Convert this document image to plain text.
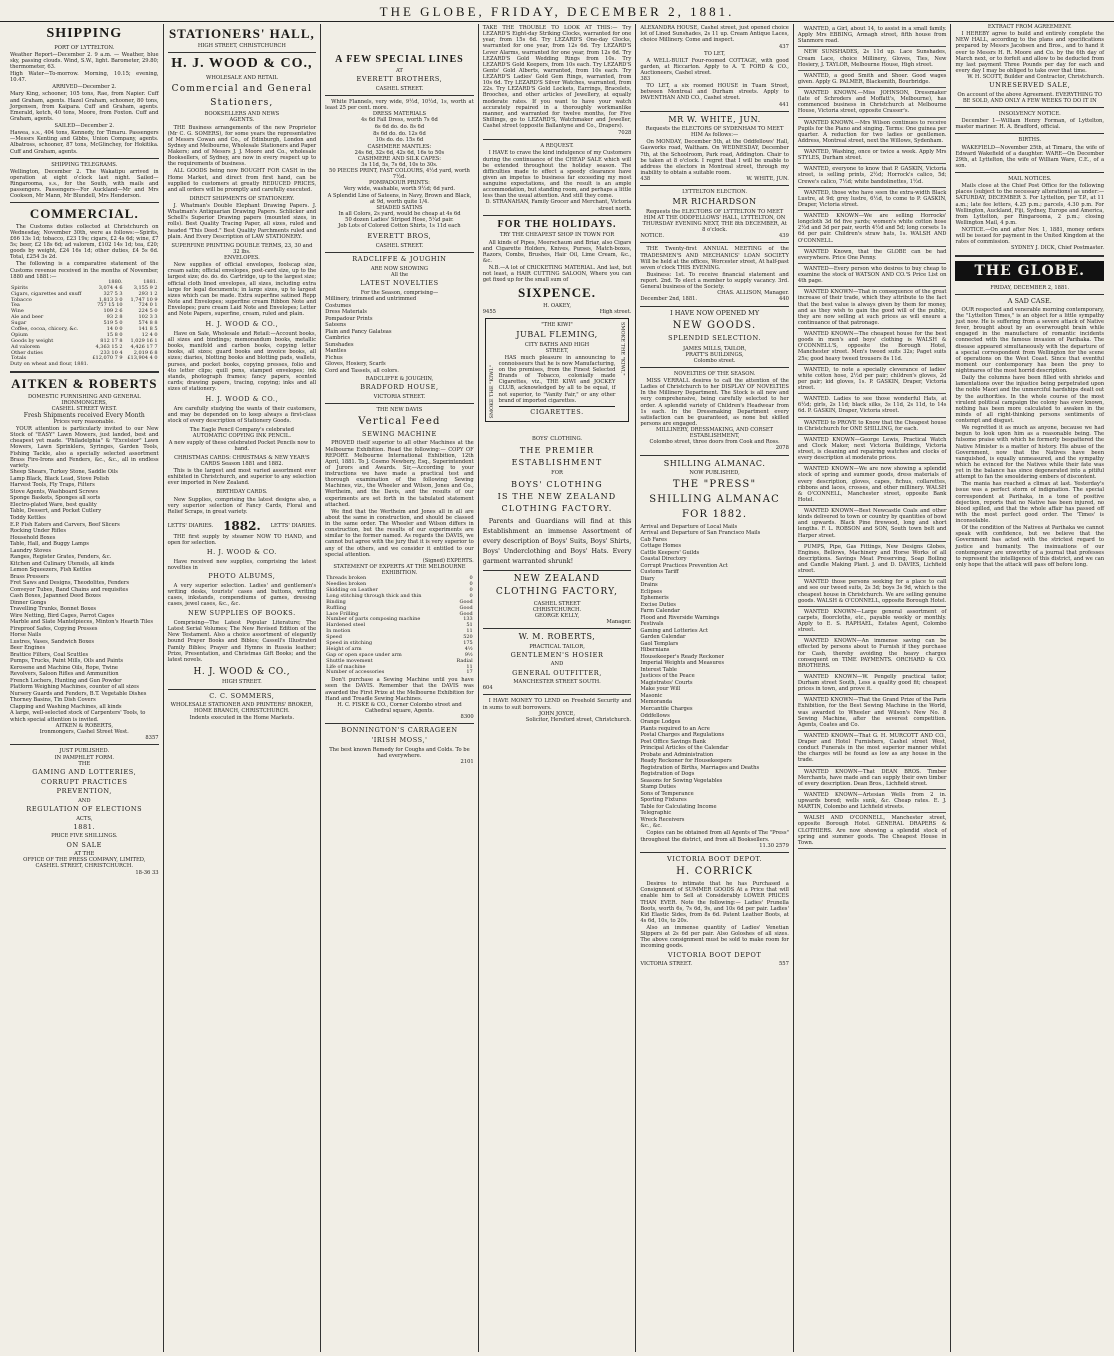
THE GLOBE, FRIDAY, DECEMBER 2, 1881.
SHIPPING
PORT OF LYTTELTON.
Weather Report—December 2. 9 a.m. — Weather, blue sky, passing clouds. Wind, S.W., light. Barometer, 29.80; thermometer, 63.
High Water—To-morrow. Morning, 10.15; evening, 10.47.
ARRIVED—December 2.
Mary King, schooner, 105 tons, Rae, from Napier. Cuff and Graham, agents. Hazel Graham, schooner, 80 tons, Jorgensen, from Kaipara. Cuff and Graham, agents. Emerald, ketch, 40 tons, Moore, from Foxton. Cuff and Graham, agents.
SAILED—December 2.
Hawea, s.s., 404 tons, Kennedy, for Timaru. Passengers—Messrs Kenting and Gibbs, Union Company, agents. Albatross, schooner, 87 tons, McGlinchey, for Hokitika. Cuff and Graham, agents.
SHIPPING TELEGRAMS.
Wellington, December 2. The Wakatipu arrived in operation at eight o'clock last night. Sailed—Ringarooma, s.s., for the South, with mails and passengers. Passengers—For Auckland—Mr and Mrs Cookson, Mr Mann, Mr Blundell, Mrs Henderson.
COMMERCIAL.
The Customs duties collected at Christchurch on Wednesday, November 30th, were as follows:—Spirits, £66 13s 1d; tobacco, £23 19s; cigars, £2 4s 6d; wine, £7 5s; beer, £2 18s 6d; ad valorem, £102 14s 1d; tea, £20; goods by weight, £24 16s 1d; other duties, £4 5s 6d. Total, £254 3s 2d.
The following is a comparative statement of the Customs revenue received in the months of November, 1880 and 1881:—
	1880.	1881.
Spirits	3,074 4 6	3,155 9 2
Cigars, cigarettes and snuff	327 5 3	293 1 2
Tobacco	1,813 3 0	1,747 10 9
Tea	757 15 10	724 0 1
Wine	109 2 6	224 5 0
Ale and beer	93 2 8	102 3 3
Sugar	519 5 0	574 8 8
Coffee, cocoa, chicory, &c.	14 0 0	141 8 5
Opium	15 8 0	12 4 0
Goods by weight	812 17 8	1,029 16 1
Ad valorem	4,363 15 2	4,426 17 7
Other duties	233 10 4	2,019 6 8
Totals	£12,070 7 9	£13,904 4 0
Duty on wheat and flour, 1881.
AITKEN & ROBERTS
DOMESTIC FURNISHING AND GENERAL IRONMONGERS,
CASHEL STREET WEST.
Fresh Shipments received Every Month
Prices very reasonable.
YOUR attention is particularly invited to our New Stock of "EASY" Lawn Mowers, just landed, best and cheapest yet made. "Philadelphia" & "Excelsior" Lawn Mowers, Lawn Sprinklers, Syringes, Garden Tools, Fishing Tackle, also a specially selected assortment Brass Fire-Irons and Fenders, &c., &c., all in endless variety.
Sheep Shears, Turkey Stone, Saddle Oils
Lamp Black, Black Lead, Stove Polish
Harvest Tools, Fly Traps, Filters
Stove Agents, Washboard Screws
Sponge Baskets, Sponges all sorts
Electro-plated Ware, best quality
Table, Dessert, and Pocket Cutlery
Toddy Kettles
E.P. Fish Eaters and Carvers, Beef Slicers
Rocking Under Rifles
Household Boxes
Table, Hall, and Buggy Lamps
Laundry Stoves
Ranges, Register Grates, Fenders, &c.
Kitchen and Culinary Utensils, all kinds
Lemon Squeezers, Fish Kettles
Brass Pressers
Fret Saws and Designs, Theodolites, Fenders
Conveyor Tubes, Band Chains and requisites
Cash Boxes, Japanned Deed Boxes
Dinner Gongs
Travelling Trunks, Bonnet Boxes
Wire Netting, Bird Cages, Parrot Cages
Marble and Slate Mantelpieces, Minton's Hearth Tiles
Fireproof Safes, Copying Presses
Horse Nails
Lustres, Vases, Sandwich Boxes
Beer Engines
Brattice Filters, Coal Scuttles
Pumps, Trucks, Paint Mills, Oils and Paints
Kerosene and Machine Oils, Rope, Twine
Revolvers, Saloon Rifles and Ammunition
French Lochers, Hunting and Gun Powder
Platform Weighing Machines, counter of all sizes
Nursery Guards and Fenders, B.T. Vegetable Dishes
Thorney Basins, Tin Dish Covers
Clapping and Washing Machines, all kinds
A large, well-selected stock of Carpenters' Tools, to which special attention is invited.
AITKEN & ROBERTS,
Ironmongers, Cashel Street West.
8357
JUST PUBLISHED.
IN PAMPHLET FORM.
THE
GAMING AND LOTTERIES,
CORRUPT PRACTICES
PREVENTION,
AND
REGULATION OF ELECTIONS
ACTS,
1881.
PRICE FIVE SHILLINGS.
ON SALE
AT THE
OFFICE OF THE PRESS COMPANY, LIMITED,
CASHEL STREET, CHRISTCHURCH.
18-36 33
STATIONERS' HALL,
HIGH STREET, CHRISTCHURCH
H. J. WOOD & CO.,
WHOLESALE AND RETAIL
Commercial and General
Stationers,
BOOKSELLERS AND NEWS
AGENTS.
THE Business arrangements of the new Proprietor (Mr C. G. SOMERS), for some years the representative of Messrs Cowan and Co., of Edinburgh, London and Sydney and Melbourne, Wholesale Stationers and Paper Makers; and of Messrs J. J. Moore and Co., wholesale Booksellers, of Sydney, are now in every respect up to the requirements of business.
ALL GOODS being now BOUGHT FOR CASH in the Home Market, and direct from first hand, can be supplied to customers at greatly REDUCED PRICES, and all orders will be promptly and carefully executed.
DIRECT SHIPMENTS OF STATIONERY.
J. Whatman's Double Elephant Drawing Papers. J. Whatman's Antiquarian Drawing Papers. Schlicker and Schell's Superior Drawing papers (mounted sizes, in rolls). Best Quality Tracing Paper, all sizes, ruled and headed "This Deed." Best Quality Parchments ruled and plain. And Every Description of LAW STATIONERY.
SUPERFINE PRINTING DOUBLE TERMS, 23, 30 and 32 lbs.
ENVELOPES.
New supplies of official envelopes, foolscap size, cream satin; official envelopes, post-card size, up to the largest size; do. do. do. Cartridge, up to the largest size; official cloth lined envelopes, all sizes, including extra large for legal documents; in large sizes, up to largest sizes which can be made. Extra superfine satined Repp Note and Envelopes; superfine cream Ribbon Note and Envelopes; pure cream Laid Note and Envelopes; Letter and Note Papers, superfine, cream, ruled and plain.
H. J. WOOD & CO.,
Have on Sale, Wholesale and Retail:—Account books, all sizes and bindings; memorandum books, metallic books, manifold and carbon books, copying letter books, all sizes; guard books and invoice books, all sizes; diaries, blotting books and blotting pads, wallets, purses, and pocket books, copying presses, folio and 4to letter clips; quill pens, stamped envelopes; ink stands, photograph frames; fancy papers, scented cards; drawing papers, tracing, copying; inks and all sizes of stationery.
H. J. WOOD & CO.,
Are carefully studying the wants of their customers, and may be depended on to keep always a first-class stock of every description of Stationery Goods.
The Eagle Pencil Company's celebrated
AUTOMATIC COPYING INK PENCIL.
A new supply of these celebrated Pocket Pencils now to hand.
CHRISTMAS CARDS: CHRISTMAS & NEW YEAR'S CARDS Season 1881 and 1882.
This is the largest and most varied assortment ever exhibited in Christchurch, and superior to any selection ever imported in New Zealand.
BIRTHDAY CARDS.
New Supplies, comprising the latest designs also, a very superior selection of Fancy Cards, Floral and Relief Scraps, in great variety.
LETTS' DIARIES. 1882. LETTS' DIARIES.
THE first supply by steamer NOW TO HAND, and open for selection.
H. J. WOOD & CO.
Have received new supplies, comprising the latest novelties in
PHOTO ALBUMS,
A very superior selection. Ladies' and gentlemen's writing desks, tourists' cases and buttons, writing cases, inkstands, compendiums of games, dressing cases, jewel cases, &c., &c.
NEW SUPPLIES OF BOOKS.
Comprising—The Latest Popular Literature; The Latest Serial Volumes; The New Revised Edition of the New Testament. Also a choice assortment of elegantly bound Prayer Books and Bibles; Cassell's Illustrated Family Bibles; Prayer and Hymns in Russia leather; Prize, Presentation, and Christmas Gift Books; and the latest novels.
H. J. WOOD & CO.,
HIGH STREET.
C. C. SOMMERS,
WHOLESALE STATIONER AND PRINTERS' BROKER,
HOME BRANCH, CHRISTCHURCH.
Indents executed in the Home Markets.
A FEW SPECIAL LINES
AT
EVERETT BROTHERS,
CASHEL STREET.
White Flannels, very wide, 9½d, 10½d, 1s, worth at least 25 per cent. more.
DRESS MATERIALS
4s 6d Fall Dress, worth 7s 6d
6s 6d do. do. 8s 6d
8s 6d do. do. 12s 6d
10s do. do. 15s 6d
CASHMERE MANTLES:
24s 6d, 32s 6d, 42s 6d, 16s to 50s
CASHMERE AND SILK CAPES:
3s 11d, 5s, 7s 6d, 10s to 30s.
50 PIECES PRINT, FAST COLOURS, 4½d yard, worth 7½d.
POMPADOUR PRINTS:
Very wide, washable, worth 9½d; 6d yard.
A Splendid Line of Sateens, in Navy, Brown and Black, at 9d, worth quite 1/4.
SHADED SATINS
In all Colors, 2s yard, would be cheap at 4s 6d
50 dozen Ladies' Striped Hose, 5¼d pair.
Job Lots of Colored Cotton Shirts, 1s 11d each
EVERETT BROS,
CASHEL STREET.
RADCLIFFE & JOUGHIN
ARE NOW SHOWING
All the
LATEST NOVELTIES
For the Season, comprising—
Millinery, trimmed and untrimmed
Costumes
Dress Materials
Pompadour Prints
Sateens
Plain and Fancy Galateas
Cambrics
Sunshades
Mantles
Fichus
Gloves, Hosiery, Scarfs
Cord and Tassels, all colors.
RADCLIFFE & JOUGHIN,
BRADFORD HOUSE,
VICTORIA STREET.
THE NEW DAVIS
Vertical Feed
SEWING MACHINE
PROVED itself superior to all other Machines at the Melbourne Exhibition. Read the following:— COPY OF REPORT. Melbourne International Exhibition, 12th April, 1881. To J. Cosmo Newbery, Esq., Superintendent of Jurors and Awards. Sir,—According to your instructions we have made a practical test and thorough examination of the following Sewing Machines, viz., the Wheeler and Wilson, Jones and Co., Wertheim, and the Davis, and the results of our experiments are set forth in the tabulated statement attached.
We find that the Wertheim and Jones all in all are about the same in construction, and should be classed in the same order. The Wheeler and Wilson differs in construction, but the results of our experiments are similar to the former named. As regards the DAVIS, we cannot but agree with the jury that it is very superior to any of the others, and we consider it entitled to our special attention.
(Signed) EXPERTS.
STATEMENT OF EXPERTS AT THE MELBOURNE EXHIBITION.
Threads broken	0
Needles broken	0
Skidding on Leather	0
Long stitching through thick and thin	0
Binding	Good
Ruffling	Good
Lace Frilling	Good
Number of parts composing machine	133
Hardened steel	51
In motion	11
Speed	520
Speed in stitching	175
Height of arm	4½
Gap or open space under arm	9½
Shuttle movement	Radial
Life of machine	11
Number of accessories	17
Don't purchase a Sewing Machine until you have seen the DAVIS. Remember that the DAVIS was awarded the First Prize at the Melbourne Exhibition for Hand and Treadle Sewing Machines.
H. C. FISKE & CO., Corner Colombo street and Cathedral square, Agents.
8300
BONNINGTON'S CARRAGEEN
'IRISH MOSS,'
The best known Remedy for Coughs and Colds. To be had everywhere.
2101
TAKE THE TROUBLE TO LOOK AT THIS:— Try LEZARD'S Eight-day Striking Clocks, warranted for one year, from 15s 6d. Try LEZARD'S One-day Clocks, warranted for one year, from 12s 6d. Try LEZARD'S Lever Alarms, warranted for one year, from 12s 6d. Try LEZARD'S Gold Wedding Rings from 10s. Try LEZARD'S Gold Keepers, from 10s each. Try LEZARD'S Gents' Gold Alberts, warranted, from 10s each. Try LEZARD'S Ladies' Gold Gem Rings, warranted, from 10s 6d. Try LEZARD'S Silver Watches, warranted, from 22s. Try LEZARD'S Gold Lockets, Earrings, Bracelets, Brooches, and other articles of Jewellery, at equally moderate rates. If you want to have your watch accurately repaired in a thoroughly workmanlike manner, and warranted for twelve months, for Five Shillings, go to LEZARD'S, Watchmaker and Jeweller, Cashel street (opposite Ballantyne and Co., Drapers).
7028
A REQUEST.
I HAVE to crave the kind indulgence of my Customers during the continuance of the CHEAP SALE which will be extended throughout the holiday season. The difficulties made to effect a speedy clearance have given an impetus to business far exceeding my most sanguine expectations, and the result is an ample accommodation, but standing room, and perhaps a little less than the usual attention. And still they come.
D. STRANAHAN, Family Grocer and Merchant, Victoria street north.
FOR THE HOLIDAYS.
TRY THE CHEAPEST SHOP IN TOWN FOR
All kinds of Pipes, Meerschaum and Briar, also Cigars and Cigarette Holders, Knives, Purses, Match-boxes, Razors, Combs, Brushes, Hair Oil, Lime Cream, &c., &c.
N.B.—A lot of CRICKETING MATERIAL. And last, but not least, a HAIR CUTTING SALOON, Where you can get fixed up for the small sum of
SIXPENCE.
H. OAKEY,
9455	High street.
SMOKE THE "KIWI."
"THE KIWI"
JUBAL FLEMING,
CITY BATHS AND HIGH
STREET,
HAS much pleasure in announcing to connoisseurs that he is now Manufacturing, on the premises, from the Finest Selected Brands of Tobacco, colonially made Cigarettes, viz., THE KIWI and JOCKEY CLUB, acknowledged by all to be equal, if not superior, to "Vanity Fair," or any other brand of imported cigarettes.
CIGARETTES.
SMOKE THE "KIWI."
BOYS' CLOTHING.
THE PREMIER
ESTABLISHMENT
FOR
BOYS' CLOTHING
IS THE NEW ZEALAND
CLOTHING FACTORY.
Parents and Guardians will find at this Establishment an immense Assortment of every description of Boys' Suits, Boys' Shirts, Boys' Underclothing and Boys' Hats. Every garment warranted shrunk!
NEW ZEALAND
CLOTHING FACTORY,
CASHEL STREET
CHRISTCHURCH.
GEORGE KELLY,
Manager.
W. M. ROBERTS,
PRACTICAL TAILOR,
GENTLEMEN'S HOSIER
AND
GENERAL OUTFITTER,
MANCHESTER STREET SOUTH.
604
I HAVE MONEY TO LEND on Freehold Security and in sums to suit borrowers.
JOHN JOYCE,
Solicitor, Hereford street, Christchurch.
ALEXANDRA HOUSE, Cashel street, just opened choice lot of Lined Sunshades, 2s 11 up. Cream Antique Laces, choice Millinery. Come and inspect.
437
TO LET,
A WELL-BUILT Four-roomed COTTAGE, with good garden, at Riccarton. Apply to A. T. FORD & CO., Auctioneers, Cashel street.
383
TO LET, a six roomed HOUSE in Tuam Street, between Montreal and Durham streets. Apply to PAVENTHAN AND CO., Cashel street.
441
MR W. WHITE, JUN.
Requests the ELECTORS OF SYDENHAM TO MEET HIM As follows:—
On MONDAY, December 5th, at the Oddfellows' Hall, Gasworks road, Waltham. On WEDNESDAY, December 7th, at the Schoolroom, Park road, Addington. Chair to be taken at 8 o'clock. I regret that I will be unable to address the electors in Montreal street, through my inability to obtain a suitable room.
438	W. WHITE, JUN.
LYTTELTON ELECTION.
MR RICHARDSON
Requests the ELECTORS OF LYTTELTON TO MEET HIM AT THE ODDFELLOWS' HALL, LYTTELTON, ON THURSDAY EVENING NEXT, THE 8th DECEMBER, At 8 o'clock.
NOTICE.	439
THE Twenty-first ANNUAL MEETING of the TRADESMEN'S AND MECHANICS' LOAN SOCIETY Will be held at the offices, Worcester street, At half-past seven o'clock THIS EVENING.
Business: 1st. To receive financial statement and report. 2nd. To elect a member to supply vacancy. 3rd. General business of the Society.
CHAS. ALLISON, Manager.
December 2nd, 1881.	440
I HAVE NOW OPENED MY
NEW GOODS.
SPLENDID SELECTION.
JAMES MILLS, TAILOR,
PRATT'S BUILDINGS,
Colombo street.
NOVELTIES OF THE SEASON.
MISS VERRALL desires to call the attention of the Ladies of Christchurch to her DISPLAY OF NOVELTIES In the Millinery Department. The Stock is all new and very comprehensive, being carefully selected to her order. A splendid variety of Children's Headwear from 1s each. In the Dressmaking Department every satisfaction can be guaranteed, as none but skilled persons are engaged.
MILLINERY, DRESSMAKING, AND CORSET ESTABLISHMENT,
Colombo street, three doors from Cook and Ross.
2078
SHILLING ALMANAC.
NOW PUBLISHED,
THE "PRESS"
SHILLING ALMANAC
FOR 1882.
Arrival and Departure of Local Mails
Arrival and Departure of San Francisco Mails
Cab Fares
Cottage Homes
Cattle Keepers' Guilds
Coastal Directory
Corrupt Practices Prevention Act
Customs Tariff
Diary
Drains
Eclipses
Ephemeris
Excise Duties
Farm Calendar
Flood and Riverside Warnings
Festivals
Gaming and Lotteries Act
Garden Calendar
Gaol Templars
Hibernians
Housekeeper's Ready Reckoner
Imperial Weights and Measures
Interest Table
Justices of the Peace
Magistrates' Courts
Make your Will
Masonic
Memoranda
Mercantile Charges
Oddfellows
Orange Lodges
Plants required to an Acre
Postal Charges and Regulations
Post Office Savings Bank
Principal Articles of the Calendar
Probate and Administration
Ready Reckoner for Housekeepers
Registration of Births, Marriages and Deaths
Registration of Dogs
Seasons for Sowing Vegetables
Stamp Duties
Sons of Temperance
Sporting Fixtures
Table for Calculating Income
Telegraphic
Wreck Receivers
&c., &c.
Copies can be obtained from all Agents of The "Press" throughout the district, and from all Booksellers.
11.30 2579
VICTORIA BOOT DEPOT.
H. CORRICK
Desires to intimate that he has Purchased a Consignment of SUMMER GOODS At a Price that will enable him to Sell at Considerably LOWER PRICES THAN EVER. Note the following:— Ladies' Prunella Boots, worth 6s, 7s 6d, 9s, and 10s 6d per pair. Ladies' Kid Elastic Sides, from 8s 6d. Patent Leather Boots, at 4s 6d, 10s, to 20s.
Also an immense quantity of Ladies' Venetian Slippers at 2s 6d per pair. Also Goloshes of all sizes. The above consignment must be sold to make room for incoming goods.
VICTORIA BOOT DEPOT
VICTORIA STREET.	557
WANTED, a Girl, about 14, to assist in a small family. Apply Mrs EBBING, Armagh street, fifth house from Stanmore road.
NEW SUNSHADES, 2s 11d up. Lace Sunshades, Cream Lace, choice Millinery, Gloves, Ties, New Hosiery, J. TAYLOR, Melbourne House, High street.
WANTED, a good Smith and Shoer. Good wages given. Apply G. PALMER, Blacksmith, Bourbridge.
WANTED KNOWN.—Miss JOHNSON, Dressmaker (late of Schroders and Moffatt's, Melbourne), has commenced business in Christchurch at Melbourne House, Victoria street, opposite Crasser's.
WANTED KNOWN.—Mrs Wilson continues to receive Pupils for the Piano and singing. Terms: One guinea per quarter. A reduction for two ladies or gentlemen. Address, Montreal street, next the Willows, Sydenham.
WANTED, Washing, once or twice a week. Apply Mrs STYLES, Durham street.
WANTED, everyone to know that P. GASKIN, Victoria street, is selling prints, 2½d; Horrock's calico, 5d; Crewe's calico, 7½d; white bandolinettes, 1½d.
WANTED, those who have seen the extra-width Black Lustre, at 9d; grey lustre, 6½d, to come to P. GASKIN, Draper, Victoria street.
WANTED KNOWN—We are selling Horrocks' longcloth 3d 6d five yards; women's white cotton hose 2½d and 3d per pair, worth 4½d and 5d; long corsets 1s 6d per pair. Children's straw hats, 1s. WALSH AND O'CONNELL.
WANTED Known, that the GLOBE can be had everywhere. Price One Penny.
WANTED—Every person who desires to buy cheap to examine the stock of WATSON AND CO.'S Price List on 4th page.
WANTED KNOWN—That in consequence of the great increase of their trade, which they attribute to the fact that the best value is always given by them for money, and as they wish to gain the good will of the public, they are now selling at such prices as will ensure a continuance of that patronage.
WANTED KNOWN—The cheapest house for the best goods in men's and boys' clothing is WALSH & O'CONNELL'S, opposite the Borough Hotel, Manchester street. Men's tweed suits 32s; Paget suits 25s; good heavy tweed trousers 8s 11d.
WANTED, to note a specially cleverance of ladies' white cotton hose, 2½d per pair; children's gloves, 2d per pair; kid gloves, 1s. P. GASKIN, Draper, Victoria street.
WANTED. Ladies to see those wonderful Hats, at 6½d; girls, 2s 11d; black silks, 3s 11d, 2s 11d, to 14s 6d. P. GASKIN, Draper, Victoria street.
WANTED to PROVE to Know that the Cheapest house in Christchurch for ONE SHILLING, for each.
WANTED KNOWN—George Lewis, Practical Watch and Clock Maker, next Victoria Buildings, Victoria street, is cleaning and repairing watches and clocks of every description at moderate prices.
WANTED KNOWN—We are now showing a splendid stock of spring and summer goods, dress materials of every description, gloves, capes, fichus, collarettes, ribbons and laces, crosses, and other millinery. WALSH & O'CONNELL, Manchester street, opposite Bank Hotel.
WANTED KNOWN—Best Newcastle Coals and other kinds delivered to town or country by quantities of bowl and upwards. Black Pine firewood, long and short lengths. F. L. ROBSON and SON, South town belt and Harper street.
PUMPS, Pipe, Gas Fittings, New Designs Globes, Engines, Bellows, Machinery and Horse Works of all descriptions. Savings Meat Preserving, Soap Boiling and Candle Making Plant. J. and D. DAVIES, Lichfield street.
WANTED those persons seeking for a place to call and see our tweed suits, 2s 3d; boys 3s 9d, which is the cheapest house in Christchurch. We are selling genuine goods. WALSH & O'CONNELL, opposite Borough Hotel.
WANTED KNOWN—Large general assortment of carpets, floorcloths, etc., payable weekly or monthly. Apply to E. S. RAPHAEL, Estates Agent, Colombo street.
WANTED KNOWN—An immense saving can be effected by persons about to Furnish if they purchase for Cash, thereby avoiding the heavy charges consequent on TIME PAYMENTS. ORCHARD & CO. BROTHERS.
WANTED KNOWN—W. Pengelly practical tailor, Durham street South, Less a quality good fit; cheapest prices in town, and prove it.
WANTED KNOWN—That the Grand Prize of the Paris Exhibition, for the Best Sewing Machine in the World, was awarded to Wheeler and Wilson's New No. 8 Sewing Machine, after the severest competition. Agents, Coates and Co.
WANTED KNOWN—That G. H. MURCOTT AND CO., Draper and Hotel Furnishers, Cashel street West, conduct Funerals in the most superior manner whilst the charges will be found as low as any house in the trade.
WANTED KNOWN—That DEAN BROS. Timber Merchants, have made and can supply their own timber of every description. Dean Bros., Lichfield street.
WANTED KNOWN—Artesian Wells from 2 in. upwards bored; wells sunk, &c. Cheap rates. E. J. MARTIN, Colombo and Lichfield streets.
WALSH AND O'CONNELL, Manchester street, opposite Borough Hotel. GENERAL DRAPERS & CLOTHIERS. Are now showing a splendid stock of spring and summer goods. The Cheapest House in Town.
EXTRACT FROM AGREEMENT.
I HEREBY agree to build and entirely complete the NEW HALL, according to the plans and specifications prepared by Messrs Jacobsen and Bros., and to hand it over to Messrs H. R. Moore and Co. by the 6th day of March next, or to forfeit and allow to be deducted from my last payment Three Pounds per day for each and every day I may be obliged to take over that time.
W. H. SCOTT, Builder and Contractor, Christchurch.
UNRESERVED SALE,
On account of the above Agreement. EVERYTHING TO BE SOLD, AND ONLY A FEW WEEKS TO DO IT IN
INSOLVENCY NOTICE.
December 1—William Henry Forman, of Lyttelton, master mariner. H. A. Bradford, official.
BIRTHS.
WAKEFIELD—November 25th, at Timaru, the wife of Edward Wakefield of a daughter. WARE—On December 29th, at Lyttelton, the wife of William Ware, C.E., of a son.
MAIL NOTICES.
Mails close at the Chief Post Office for the following places (subject to the necessary alterations) as under:— SATURDAY, DECEMBER 3. For Lyttelton, per T.P., at 11 a.m.; late fee letters, 4.25 p.m.; parcels, 4.30 p.m. For Wellington, Auckland, Fiji, Sydney, Europe and America, from Lyttelton, per Ringarooma, 2 p.m.; closing Wellington Mail, 4 p.m.
NOTICE.—On and after Nov. 1, 1881, money orders will be issued for payment in the United Kingdom at the rates of commission.
SYDNEY J. DICK, Chief Postmaster.
THE GLOBE.
FRIDAY, DECEMBER 2, 1881.
A SAD CASE.
OUR respected and venerable morning contemporary, the "Lyttelton Times," is an object for a little sympathy just now. He is suffering from a severe attack of Native fever, brought about by an overwrought brain while engaged in the manufacture of romantic incidents connected with the famous invasion of Parihaka. The disease appeared simultaneously with the departure of a special correspondent from Wellington for the scene of operations on the West Coast. Since that eventful moment our contemporary has been the prey to nightmares of the most horrid description.
Daily the columns have been filled with shrieks and lamentations over the injustice being perpetrated upon the noble Maori and the unmerciful hardships dealt out by the authorities. In the whole course of the most virulent political campaign the colony has ever known, nothing has been more calculated to awaken in the minds of all right-thinking persons sentiments of contempt and disgust.
We regretted it as much as anyone, because we had begun to look upon him as a reasonable being. The fulsome praise with which he formerly bespattered the Native Minister is a matter of history. His abuse of the Government, now that the Natives have been vanquished, is equally unmeasured, and the sympathy which he evinced for the Natives while their fate was yet in the balance has since degenerated into a pitiful attempt to fan the smouldering embers of discontent.
The mania has reached a climax at last. Yesterday's issue was a perfect storm of indignation. The special correspondent at Parihaka, in a tone of positive dejection, reports that no Native has been injured, no blood spilled, and that the whole affair has passed off with the most perfect good order. The 'Times' is inconsolable.
Of the condition of the Natives at Parihaka we cannot speak with confidence, but we believe that the Government has acted with the strictest regard to justice and humanity. The insinuations of our contemporary are unworthy of a journal that professes to represent the intelligence of this district, and we can only hope that the attack will pass off before long.
